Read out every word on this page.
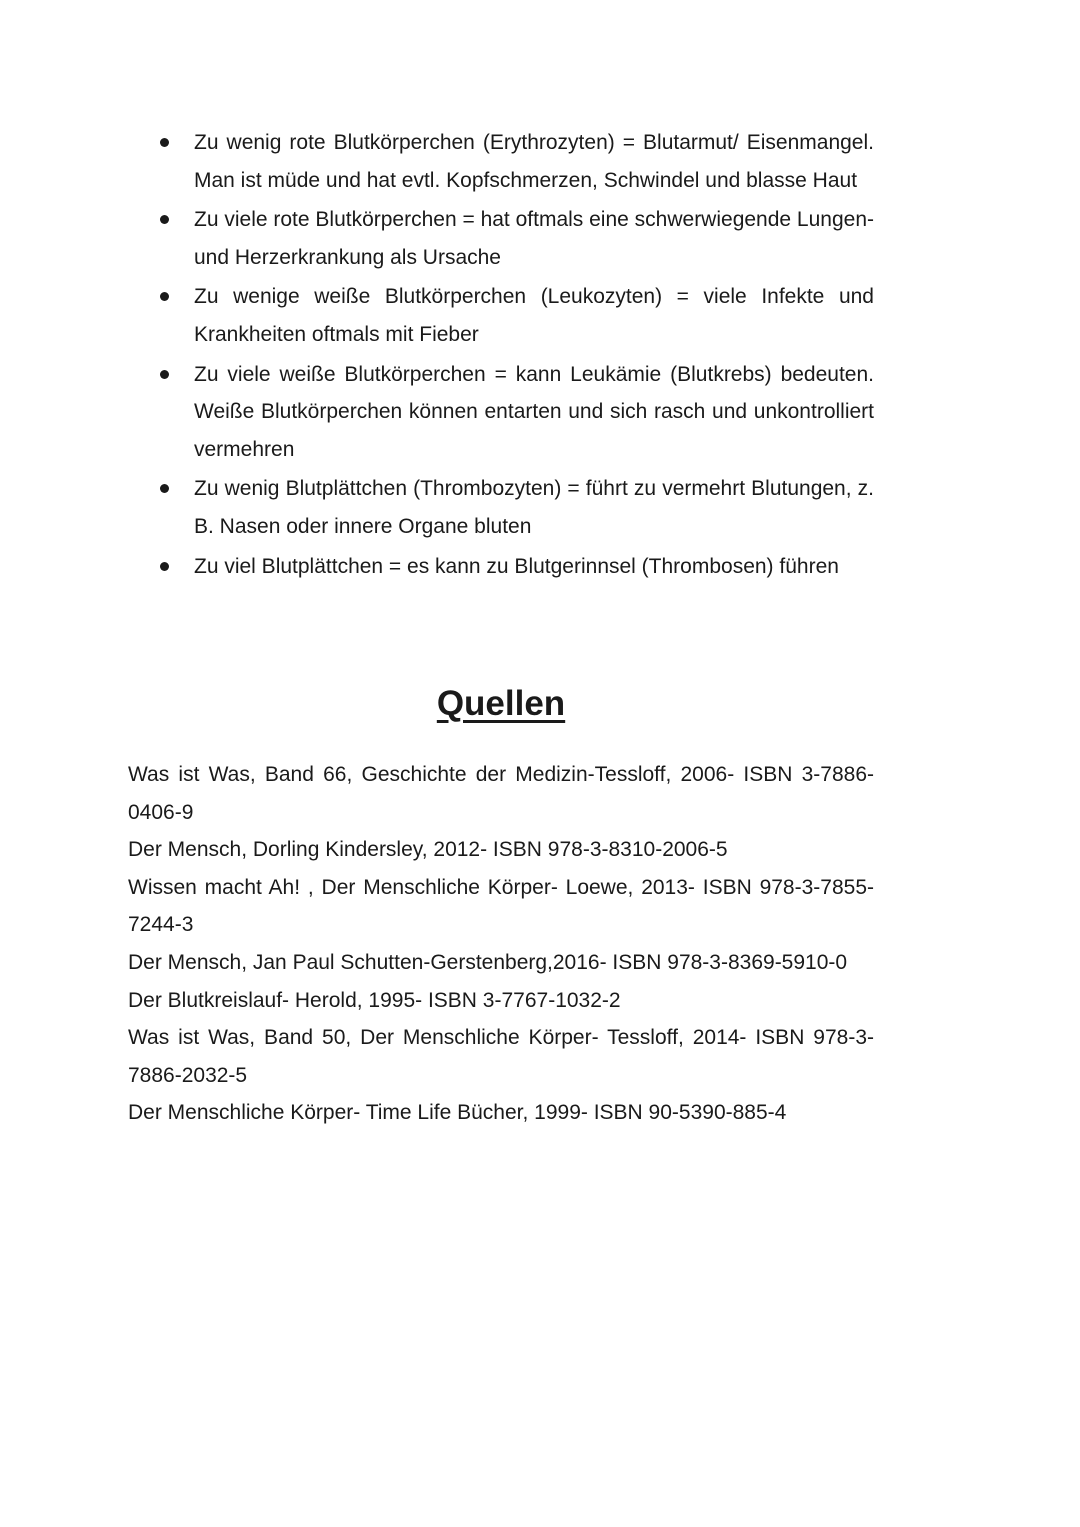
Zu wenig rote Blutkörperchen (Erythrozyten) = Blutarmut/ Eisenmangel. Man ist müde und hat evtl. Kopfschmerzen, Schwindel und blasse Haut
Zu viele rote Blutkörperchen = hat oftmals eine schwerwiegende Lungen- und Herzerkrankung als Ursache
Zu wenige weiße Blutkörperchen (Leukozyten) = viele Infekte und Krankheiten oftmals mit Fieber
Zu viele weiße Blutkörperchen = kann Leukämie (Blutkrebs) bedeuten. Weiße Blutkörperchen können entarten und sich rasch und unkontrolliert vermehren
Zu wenig Blutplättchen (Thrombozyten) = führt zu vermehrt Blutungen, z. B. Nasen oder innere Organe bluten
Zu viel Blutplättchen = es kann zu Blutgerinnsel (Thrombosen) führen
Quellen
Was ist Was, Band 66, Geschichte der Medizin-Tessloff, 2006- ISBN 3-7886-0406-9
Der Mensch, Dorling Kindersley, 2012- ISBN 978-3-8310-2006-5
Wissen macht Ah! , Der Menschliche Körper- Loewe, 2013- ISBN 978-3-7855-7244-3
Der Mensch, Jan Paul Schutten-Gerstenberg,2016- ISBN 978-3-8369-5910-0
Der Blutkreislauf- Herold, 1995- ISBN 3-7767-1032-2
Was ist Was, Band 50, Der Menschliche Körper- Tessloff, 2014- ISBN 978-3-7886-2032-5
Der Menschliche Körper- Time Life Bücher, 1999- ISBN 90-5390-885-4
